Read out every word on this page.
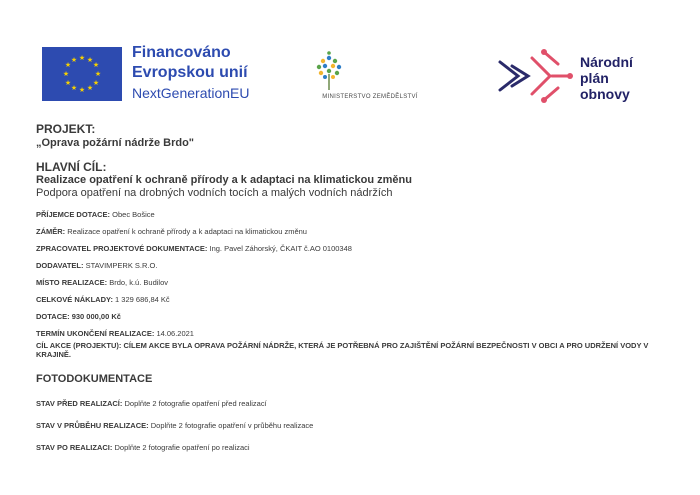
★ ★
★
★
★
★
★
★
★
★
★
★	Financováno
Evropskou unií
NextGenerationEU	MINISTERSTVO ZEMĚDĚLSTVÍ
Národní
plán
obnovy
PROJEKT:
„Oprava požární nádrže Brdo"
HLAVNÍ CÍL:
Realizace opatření k ochraně přírody a k adaptaci na klimatickou změnu
Podpora opatření na drobných vodních tocích a malých vodních nádržích
PŘÍJEMCE DOTACE: Obec Bošice
ZÁMĚR: Realizace opatření k ochraně přírody a k adaptaci na klimatickou změnu
ZPRACOVATEL PROJEKTOVÉ DOKUMENTACE: Ing. Pavel Záhorský, ČKAIT č.AO 0100348
DODAVATEL: STAVIMPERK S.R.O.
MÍSTO REALIZACE: Brdo, k.ú. Budilov
CELKOVÉ NÁKLADY: 1 329 686,84 Kč
DOTACE: 930 000,00 Kč
TERMÍN UKONČENÍ REALIZACE: 14.06.2021
CÍL AKCE (PROJEKTU): CÍLEM AKCE BYLA OPRAVA POŽÁRNÍ NÁDRŽE, KTERÁ JE POTŘEBNÁ PRO ZAJIŠTĚNÍ POŽÁRNÍ BEZPEČNOSTI V OBCI A PRO UDRŽENÍ VODY V KRAJINĚ.
FOTODOKUMENTACE
STAV PŘED REALIZACÍ: Doplňte 2 fotografie opatření před realizací
STAV V PRŮBĚHU REALIZACE: Doplňte 2 fotografie opatření v průběhu realizace
STAV PO REALIZACI: Doplňte 2 fotografie opatření po realizaci
